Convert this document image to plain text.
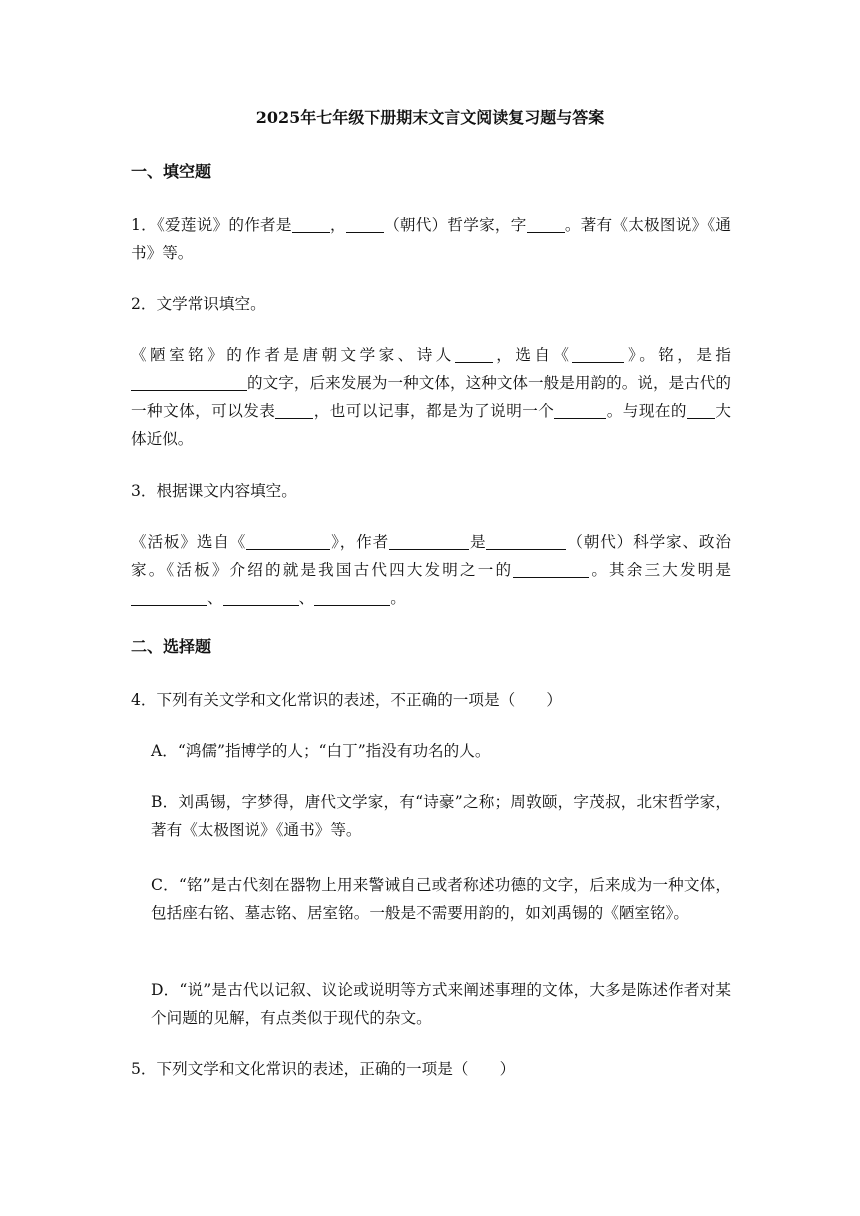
2025年七年级下册期末文言文阅读复习题与答案
一、填空题
1．《爱莲说》的作者是 ， （朝代）哲学家，字 。著有《太极图说》《通书》等。
2．文学常识填空。
《陋室铭》的作者是唐朝文学家、诗人 ，选自《	》。铭，是指的文字，后来发展为一种文体，这种文体一般是用韵的。说，是古代的一种文体，可以发表 ，也可以记事，都是为了说明一个	。与现在的 大体近似。
3．根据课文内容填空。
《活板》选自《	》，作者	是	（朝代）科学家、政治家。《活板》介绍的就是我国古代四大发明之一的	。其余三大发明是、	、	。
二、选择题
4．下列有关文学和文化常识的表述，不正确的一项是（　　）
A．“鸿儒”指博学的人；“白丁”指没有功名的人。
B．刘禹锡，字梦得，唐代文学家，有“诗豪”之称；周敦颐，字茂叔，北宋哲学家，著有《太极图说》《通书》等。
C．“铭”是古代刻在器物上用来警诫自己或者称述功德的文字，后来成为一种文体，包括座右铭、墓志铭、居室铭。一般是不需要用韵的，如刘禹锡的《陋室铭》。
D．“说”是古代以记叙、议论或说明等方式来阐述事理的文体，大多是陈述作者对某个问题的见解，有点类似于现代的杂文。
5．下列文学和文化常识的表述，正确的一项是（　　）
